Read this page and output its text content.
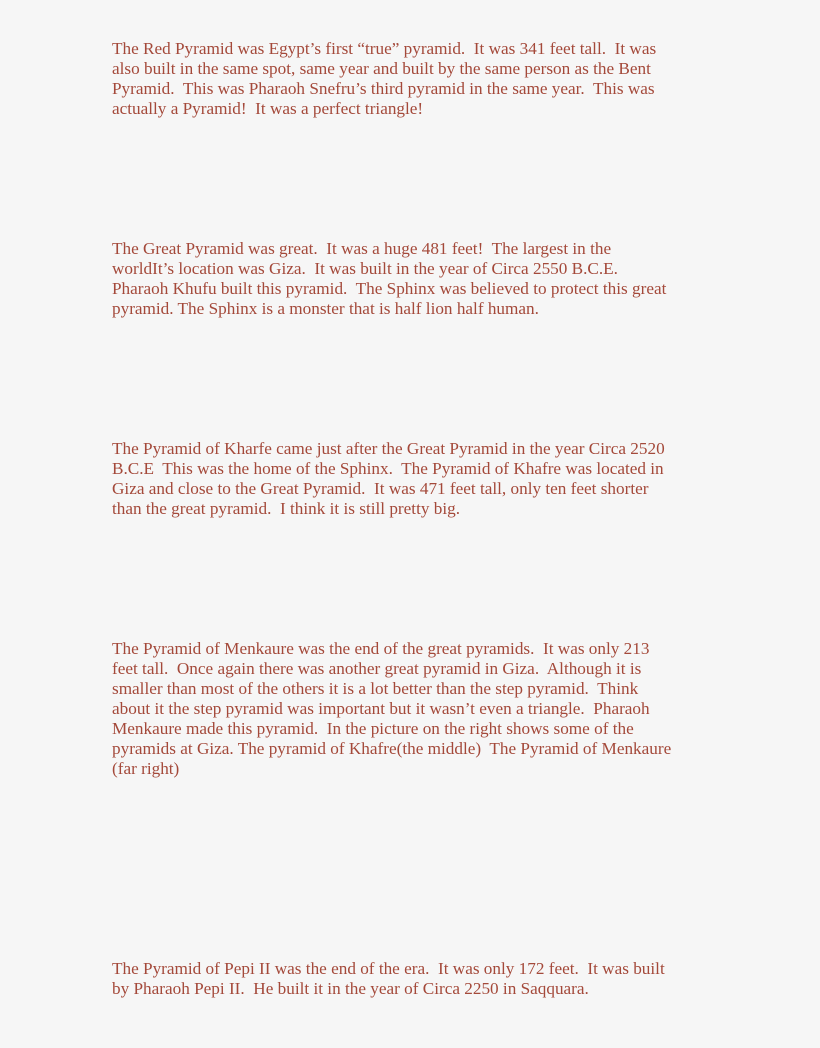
The Red Pyramid was Egypt’s first “true” pyramid.  It was 341 feet tall.  It was
also built in the same spot, same year and built by the same person as the Bent
Pyramid.  This was Pharaoh Snefru’s third pyramid in the same year.  This was
actually a Pyramid!  It was a perfect triangle!

The Great Pyramid was great.  It was a huge 481 feet!  The largest in the
worldIt’s location was Giza.  It was built in the year of Circa 2550 B.C.E.
Pharaoh Khufu built this pyramid.  The Sphinx was believed to protect this great
pyramid. The Sphinx is a monster that is half lion half human.

The Pyramid of Kharfe came just after the Great Pyramid in the year Circa 2520
B.C.E  This was the home of the Sphinx.  The Pyramid of Khafre was located in
Giza and close to the Great Pyramid.  It was 471 feet tall, only ten feet shorter
than the great pyramid.  I think it is still pretty big.

The Pyramid of Menkaure was the end of the great pyramids.  It was only 213
feet tall.  Once again there was another great pyramid in Giza.  Although it is
smaller than most of the others it is a lot better than the step pyramid.  Think
about it the step pyramid was important but it wasn’t even a triangle.  Pharaoh
Menkaure made this pyramid.  In the picture on the right shows some of the
pyramids at Giza. The pyramid of Khafre(the middle)  The Pyramid of Menkaure
(far right)

The Pyramid of Pepi II was the end of the era.  It was only 172 feet.  It was built
by Pharaoh Pepi II.  He built it in the year of Circa 2250 in Saqquara.
